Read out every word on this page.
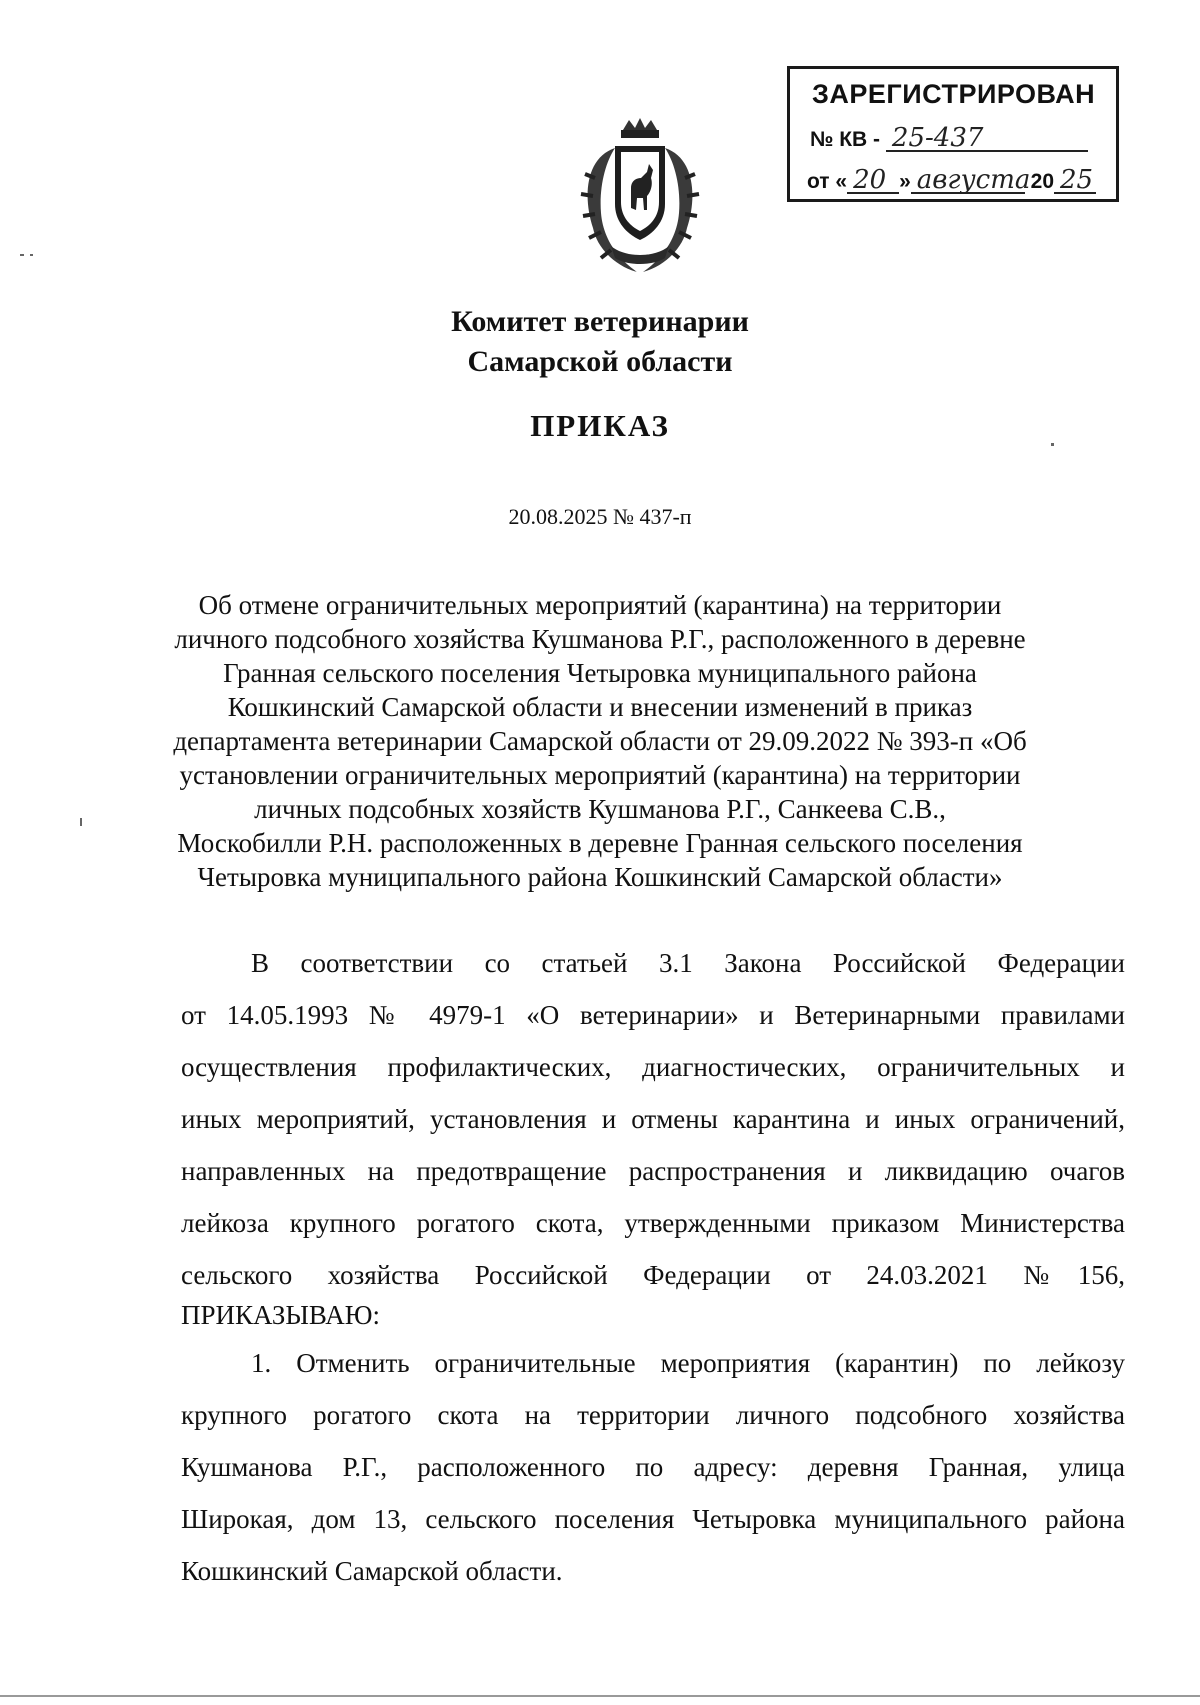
ЗАРЕГИСТРИРОВАН
№ КВ - 25-437
от « 20 » августа 20 25
Комитет ветеринарии
Самарской области
ПРИКАЗ
20.08.2025 № 437-п
Об отмене ограничительных мероприятий (карантина) на территории
личного подсобного хозяйства Кушманова Р.Г., расположенного в деревне
Гранная сельского поселения Четыровка муниципального района
Кошкинский Самарской области и внесении изменений в приказ
департамента ветеринарии Самарской области от 29.09.2022 № 393-п «Об
установлении ограничительных мероприятий (карантина) на территории
личных подсобных хозяйств Кушманова Р.Г., Санкеева С.В.,
Москобилли Р.Н. расположенных в деревне Гранная сельского поселения
Четыровка муниципального района Кошкинский Самарской области»
В соответствии со статьей 3.1 Закона Российской Федерации
от 14.05.1993 № 4979-1 «О ветеринарии» и Ветеринарными правилами
осуществления профилактических, диагностических, ограничительных и
иных мероприятий, установления и отмены карантина и иных ограничений,
направленных на предотвращение распространения и ликвидацию очагов
лейкоза крупного рогатого скота, утвержденными приказом Министерства
сельского хозяйства Российской Федерации от 24.03.2021 №156,
ПРИКАЗЫВАЮ:
1. Отменить ограничительные мероприятия (карантин) по лейкозу
крупного рогатого скота на территории личного подсобного хозяйства
Кушманова Р.Г., расположенного по адресу: деревня Гранная, улица
Широкая, дом 13, сельского поселения Четыровка муниципального района
Кошкинский Самарской области.
